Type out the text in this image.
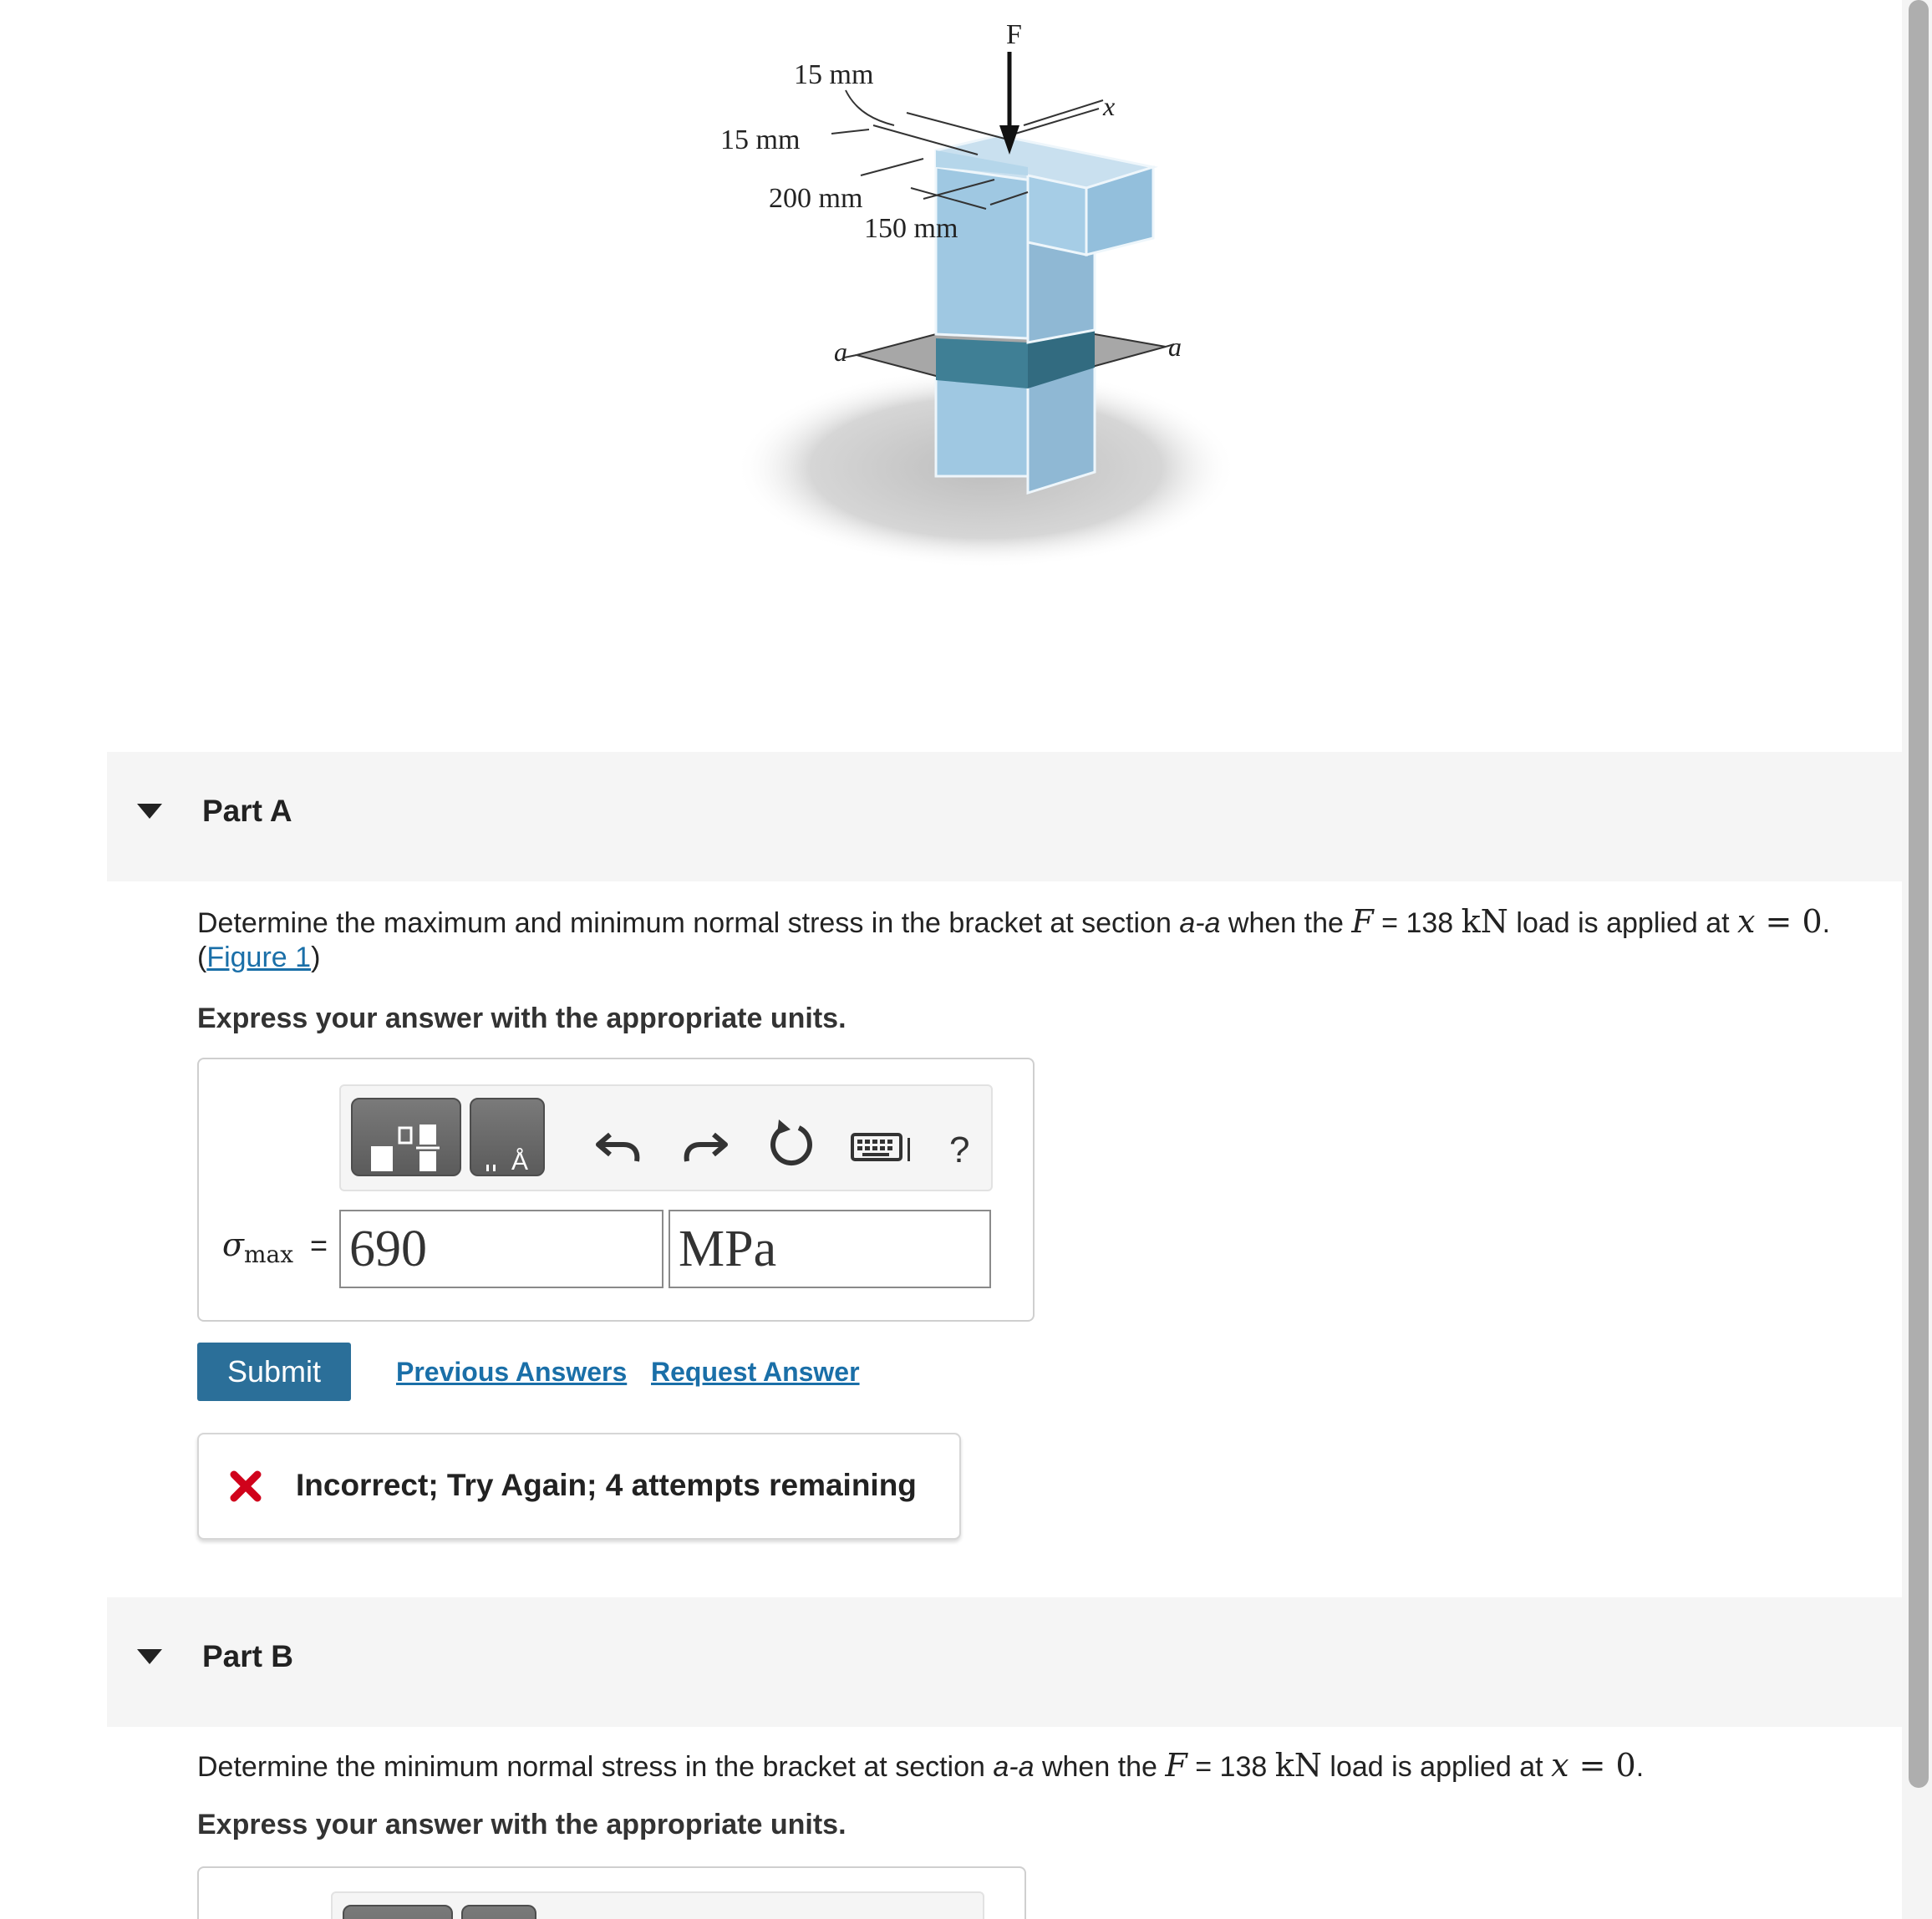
F
x
15 mm
15 mm
200 mm
150 mm
a	a
Part A
Determine the maximum and minimum normal stress in the bracket at section a-a when the F = 138 kN load is applied at x = 0.
(Figure 1)
Express your answer with the appropriate units.
Å	?
$\sigma_{max} = 690$	MPa
Submit	Previous Answers Request Answer
Incorrect; Try Again; 4 attempts remaining
Part B
Determine the minimum normal stress in the bracket at section a-a when the F = 138 kN load is applied at x = 0.
Express your answer with the appropriate units.
